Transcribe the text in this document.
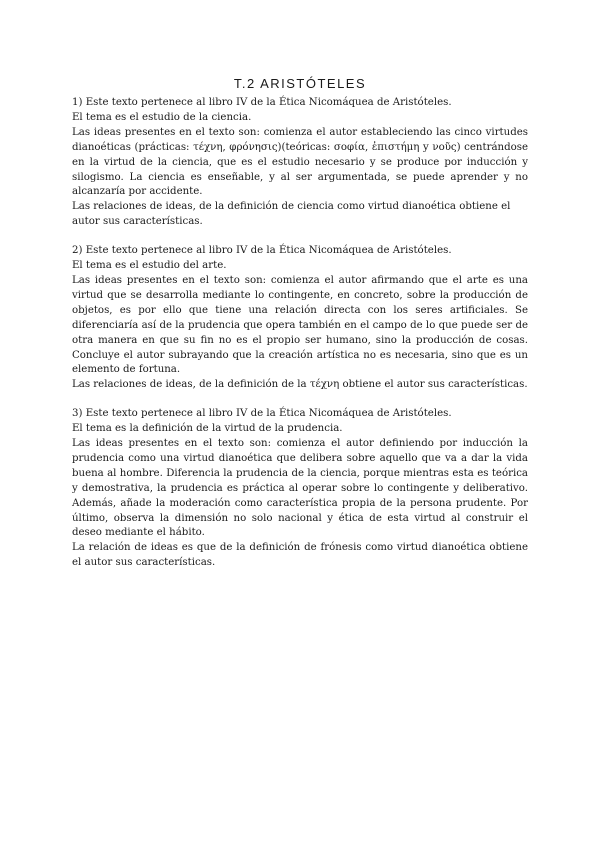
T.2 ARISTÓTELES

1) Este texto pertenece al libro IV de la Ética Nicomáquea de Aristóteles.

El tema es el estudio de la ciencia.

Las ideas presentes en el texto son: comienza el autor estableciendo las cinco virtudes dianoéticas (prácticas: τέχνη, φρόνησις)(teóricas: σοφία, ἐπιστήμη y νοῦς) centrándose en la virtud de la ciencia, que es el estudio necesario y se produce por inducción y silogismo. La ciencia es enseñable, y al ser argumentada, se puede aprender y no alcanzaría por accidente.

Las relaciones de ideas, de la definición de ciencia como virtud dianoética obtiene el autor sus características.

2) Este texto pertenece al libro IV de la Ética Nicomáquea de Aristóteles.

El tema es el estudio del arte.

Las ideas presentes en el texto son: comienza el autor afirmando que el arte es una virtud que se desarrolla mediante lo contingente, en concreto, sobre la producción de objetos, es por ello que tiene una relación directa con los seres artificiales. Se diferenciaría así de la prudencia que opera también en el campo de lo que puede ser de otra manera en que su fin no es el propio ser humano, sino la producción de cosas. Concluye el autor subrayando que la creación artística no es necesaria, sino que es un elemento de fortuna.

Las relaciones de ideas, de la definición de la τέχνη obtiene el autor sus características.

3) Este texto pertenece al libro IV de la Ética Nicomáquea de Aristóteles.

El tema es la definición de la virtud de la prudencia.

Las ideas presentes en el texto son: comienza el autor definiendo por inducción la prudencia como una virtud dianoética que delibera sobre aquello que va a dar la vida buena al hombre. Diferencia la prudencia de la ciencia, porque mientras esta es teórica y demostrativa, la prudencia es práctica al operar sobre lo contingente y deliberativo. Además, añade la moderación como característica propia de la persona prudente. Por último, observa la dimensión no solo nacional y ética de esta virtud al construir el deseo mediante el hábito.

La relación de ideas es que de la definición de frónesis como virtud dianoética obtiene el autor sus características.
